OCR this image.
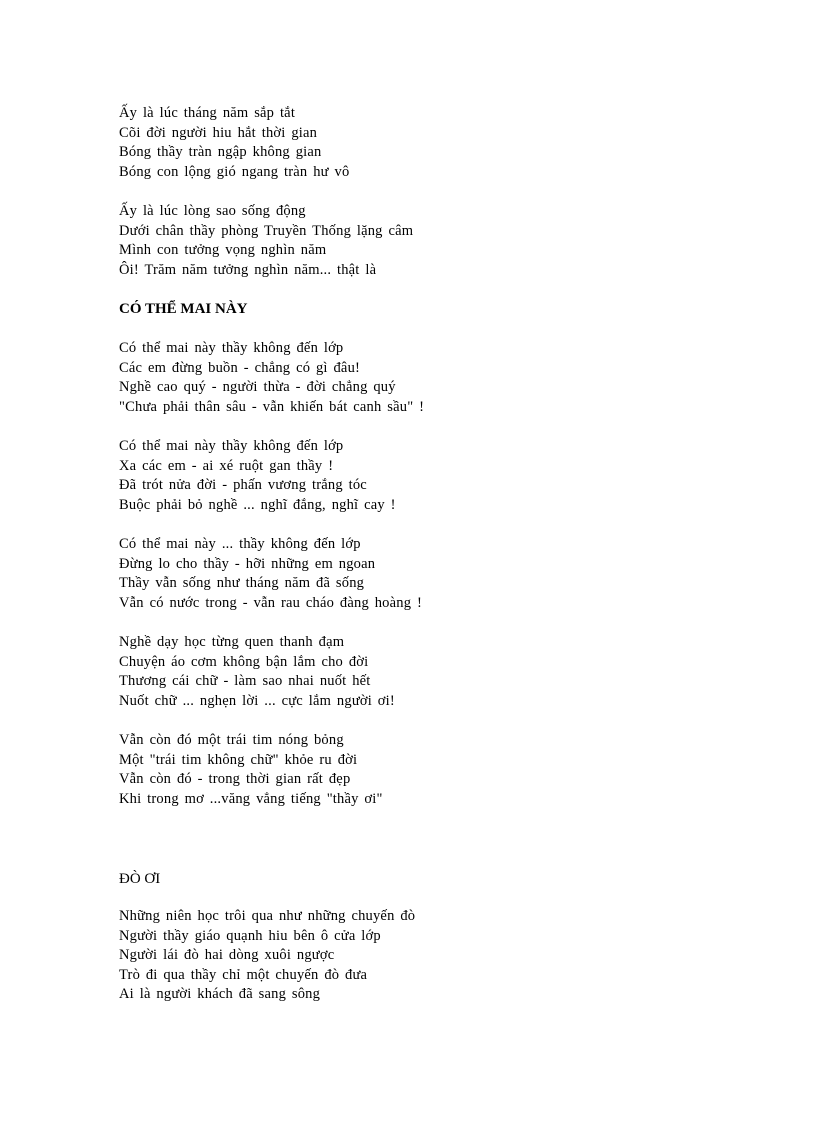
Ấy là lúc tháng năm sắp tắt
Cõi đời người hiu hắt thời gian
Bóng thầy tràn ngập không gian
Bóng con lộng gió ngang tràn hư vô
Ấy là lúc lòng sao sống động
Dưới chân thầy phòng Truyền Thống lặng câm
Mình con tưởng vọng nghìn năm
Ôi! Trăm năm tưởng nghìn năm... thật là
CÓ THỂ MAI NÀY
Có thể mai này thầy không đến lớp
Các em đừng buồn - chẳng có gì đâu!
Nghề cao quý - người thừa - đời chẳng quý
"Chưa phải thân sâu - vẫn khiến bát canh sầu" !
Có thể mai này thầy không đến lớp
Xa các em - ai xé ruột gan thầy !
Đã trót nửa đời - phấn vương trắng tóc
Buộc phải bỏ nghề ... nghĩ đắng, nghĩ cay !
Có thể mai này ... thầy không đến lớp
Đừng lo cho thầy - hỡi những em ngoan
Thầy vẫn sống như tháng năm đã sống
Vẫn có nước trong - vẫn rau cháo đàng hoàng !
Nghề dạy học từng quen thanh đạm
Chuyện áo cơm không bận lắm cho đời
Thương cái chữ - làm sao nhai nuốt hết
Nuốt chữ ... nghẹn lời ... cực lắm người ơi!
Vẫn còn đó một trái tim nóng bỏng
Một "trái tim không chữ" khỏe ru đời
Vẫn còn đó - trong thời gian rất đẹp
Khi trong mơ ...văng vẳng tiếng "thầy ơi"
ĐÒ ƠI
Những niên học trôi qua như những chuyến đò
Người thầy giáo quạnh hiu bên ô cửa lớp
Người lái đò hai dòng xuôi ngược
Trò đi qua thầy chỉ một chuyến đò đưa
Ai là người khách đã sang sông
